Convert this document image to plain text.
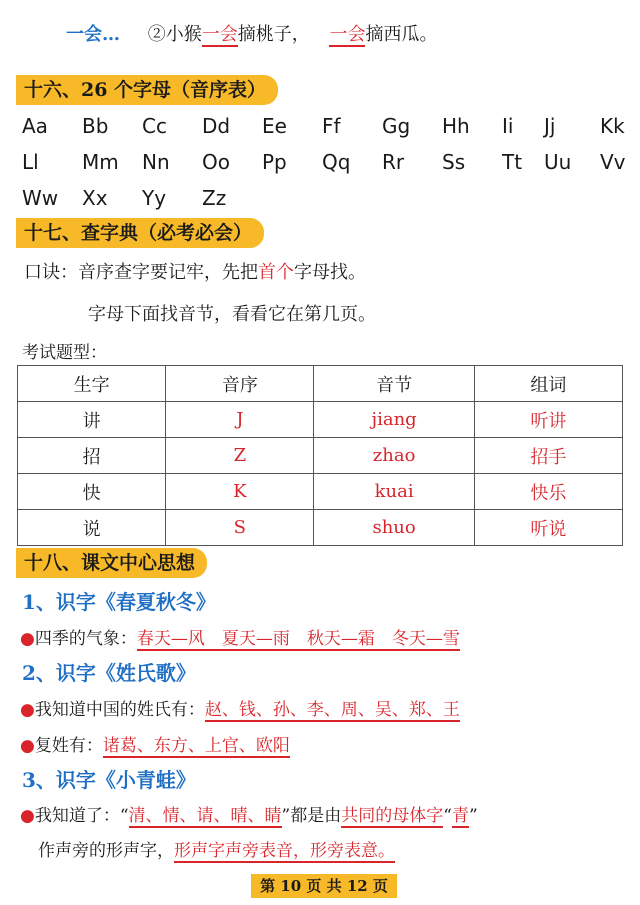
一会… ②小猴一会摘桃子， 一会摘西瓜。
十六、26 个字母（音序表）
Aa Bb Cc Dd Ee Ff Gg Hh Ii Jj Kk
Ll Mm Nn Oo Pp Qq Rr Ss Tt Uu Vv
Ww Xx Yy Zz
十七、查字典（必考必会）
口诀：音序查字要记牢，先把首个字母找。
字母下面找音节，看看它在第几页。
考试题型：
生字	音序	音节	组词
讲	J	jiang	听讲
招	Z	zhao	招手
快	K	kuai	快乐
说	S	shuo	听说
十八、课文中心思想
1、识字《春夏秋冬》
●四季的气象：春天—风　夏天—雨　秋天—霜　冬天—雪
2、识字《姓氏歌》
●我知道中国的姓氏有：赵、钱、孙、李、周、吴、郑、王
●复姓有：诸葛、东方、上官、欧阳
3、识字《小青蛙》
●我知道了：“清、情、请、晴、睛”都是由共同的母体字“青”
作声旁的形声字，形声字声旁表音，形旁表意。
第 10 页 共 12 页
